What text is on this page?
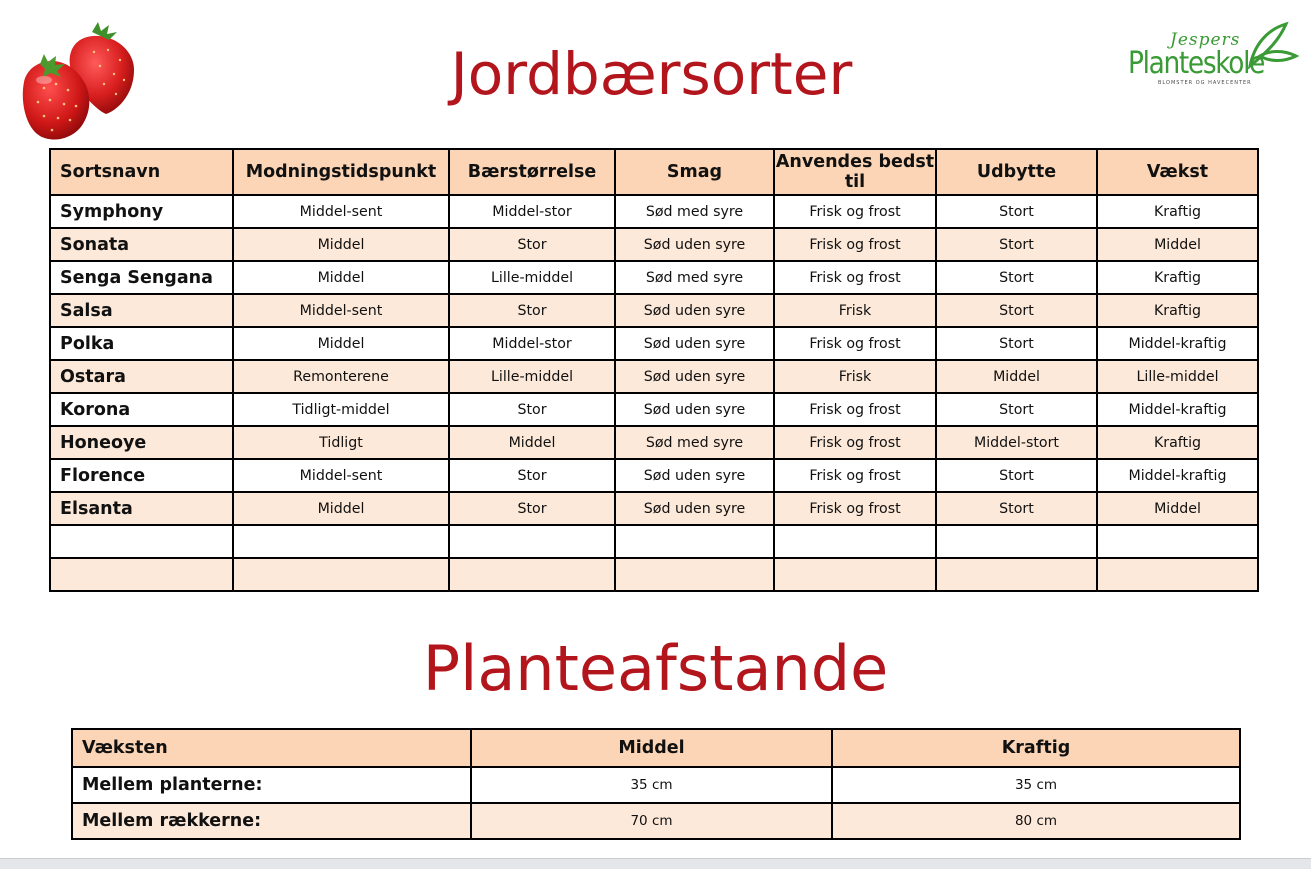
Jespers
Planteskole
BLOMSTER OG HAVECENTER
Jordbærsorter
Sortsnavn	Modningstidspunkt	Bærstørrelse	Smag	Anvendes bedst til	Udbytte	Vækst
Symphony	Middel-sent	Middel-stor	Sød med syre	Frisk og frost	Stort	Kraftig
Sonata	Middel	Stor	Sød uden syre	Frisk og frost	Stort	Middel
Senga Sengana	Middel	Lille-middel	Sød med syre	Frisk og frost	Stort	Kraftig
Salsa	Middel-sent	Stor	Sød uden syre	Frisk	Stort	Kraftig
Polka	Middel	Middel-stor	Sød uden syre	Frisk og frost	Stort	Middel-kraftig
Ostara	Remonterene	Lille-middel	Sød uden syre	Frisk	Middel	Lille-middel
Korona	Tidligt-middel	Stor	Sød uden syre	Frisk og frost	Stort	Middel-kraftig
Honeoye	Tidligt	Middel	Sød med syre	Frisk og frost	Middel-stort	Kraftig
Florence	Middel-sent	Stor	Sød uden syre	Frisk og frost	Stort	Middel-kraftig
Elsanta	Middel	Stor	Sød uden syre	Frisk og frost	Stort	Middel

Planteafstande
Væksten	Middel	Kraftig
Mellem planterne:	35 cm	35 cm
Mellem rækkerne:	70 cm	80 cm
